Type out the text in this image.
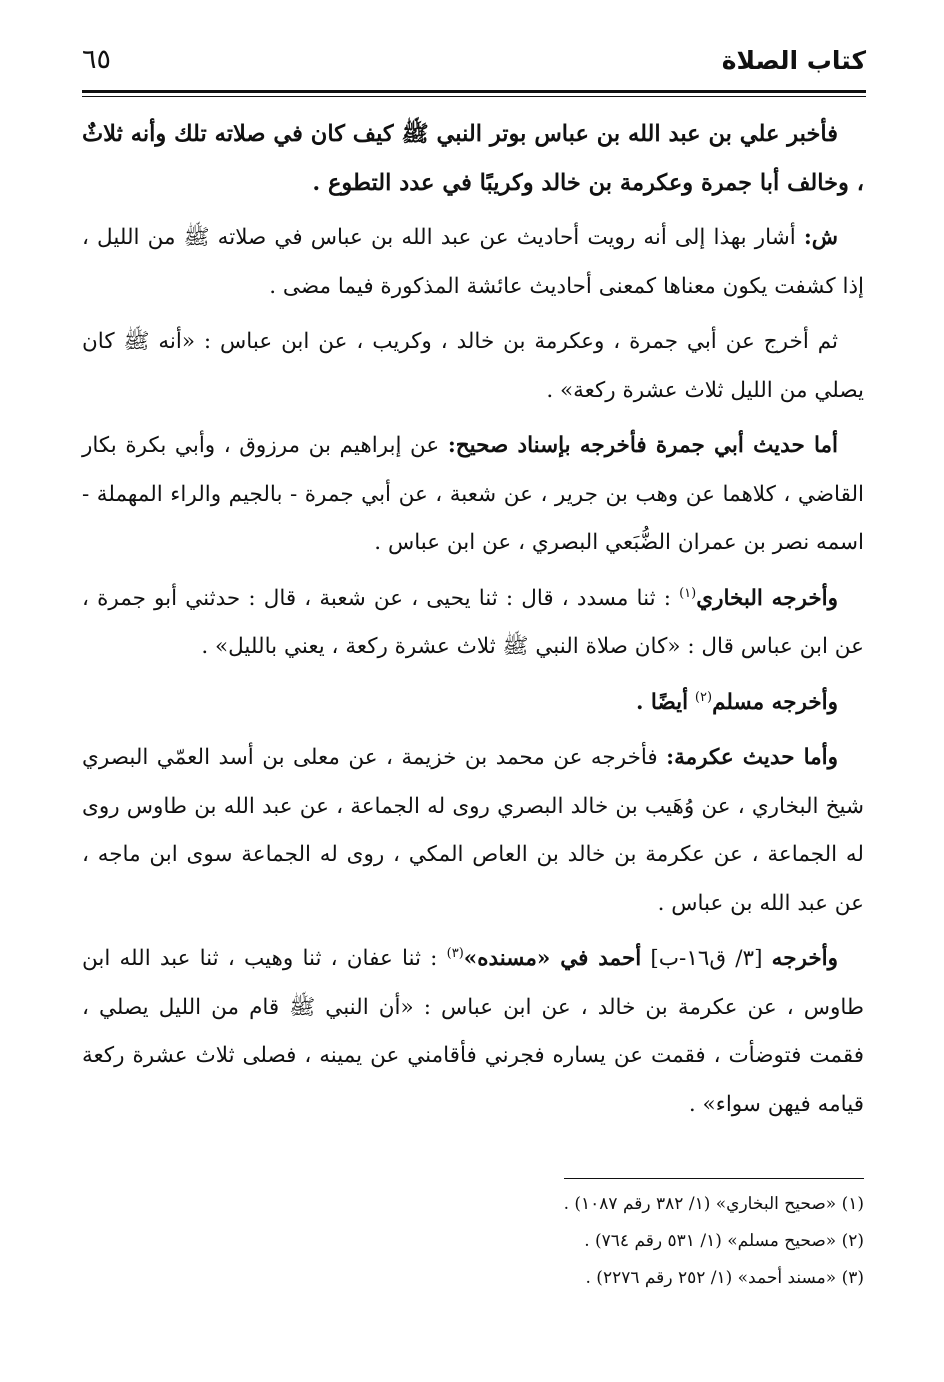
كتاب الصلاة
٦٥

فأخبر علي بن عبد الله بن عباس بوتر النبي ﷺ كيف كان في صلاته تلك وأنه ثلاثٌ ، وخالف أبا جمرة وعكرمة بن خالد وكريبًا في عدد التطوع .

ش: أشار بهذا إلى أنه رويت أحاديث عن عبد الله بن عباس في صلاته ﷺ من الليل ، إذا كشفت يكون معناها كمعنى أحاديث عائشة المذكورة فيما مضى .

ثم أخرج عن أبي جمرة ، وعكرمة بن خالد ، وكريب ، عن ابن عباس : «أنه ﷺ كان يصلي من الليل ثلاث عشرة ركعة» .

أما حديث أبي جمرة فأخرجه بإسناد صحيح: عن إبراهيم بن مرزوق ، وأبي بكرة بكار القاضي ، كلاهما عن وهب بن جرير ، عن شعبة ، عن أبي جمرة - بالجيم والراء المهملة - اسمه نصر بن عمران الضُّبَعي البصري ، عن ابن عباس .

وأخرجه البخاري$^{(١)}$ : ثنا مسدد ، قال : ثنا يحيى ، عن شعبة ، قال : حدثني أبو جمرة ، عن ابن عباس قال : «كان صلاة النبي ﷺ ثلاث عشرة ركعة ، يعني بالليل» .

وأخرجه مسلم$^{(٢)}$ أيضًا .

وأما حديث عكرمة: فأخرجه عن محمد بن خزيمة ، عن معلى بن أسد العمّي البصري شيخ البخاري ، عن وُهَيب بن خالد البصري روى له الجماعة ، عن عبد الله بن طاوس روى له الجماعة ، عن عكرمة بن خالد بن العاص المكي ، روى له الجماعة سوى ابن ماجه ، عن عبد الله بن عباس .

وأخرجه [٣/ ق١٦-ب] أحمد في «مسنده»$^{(٣)}$ : ثنا عفان ، ثنا وهيب ، ثنا عبد الله ابن طاوس ، عن عكرمة بن خالد ، عن ابن عباس : «أن النبي ﷺ قام من الليل يصلي ، فقمت فتوضأت ، فقمت عن يساره فجرني فأقامني عن يمينه ، فصلى ثلاث عشرة ركعة قيامه فيهن سواء» .

(١) «صحيح البخاري» (١/ ٣٨٢ رقم ١٠٨٧) .

(٢) «صحيح مسلم» (١/ ٥٣١ رقم ٧٦٤) .

(٣) «مسند أحمد» (١/ ٢٥٢ رقم ٢٢٧٦) .
